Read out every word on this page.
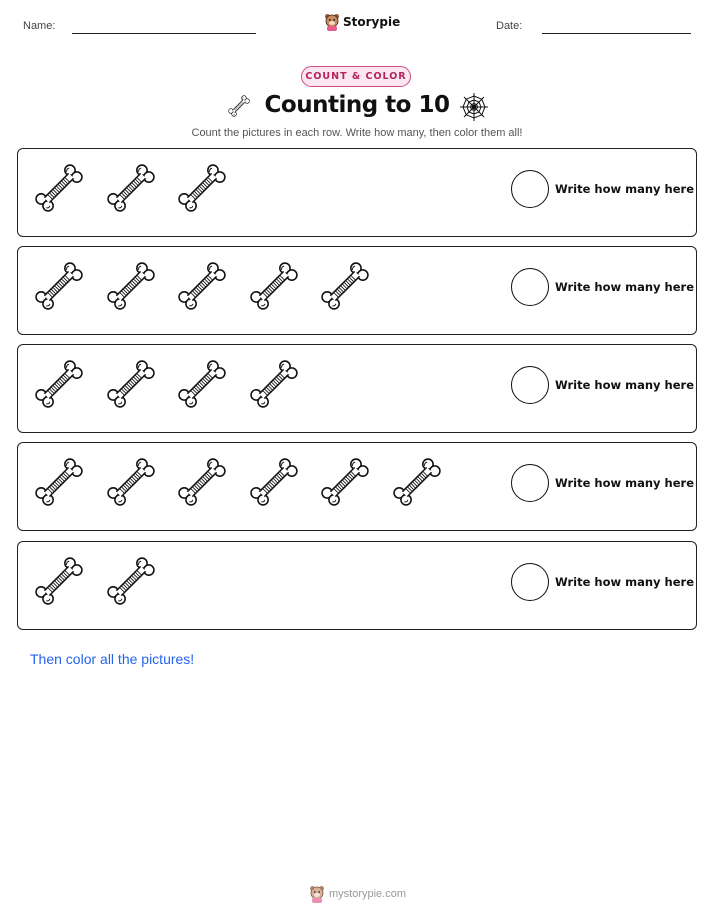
Name:	Storypie	Date:
COUNT & COLOR
Counting to 10
Count the pictures in each row. Write how many, then color them all!
Write how many here
Write how many here
Write how many here
Write how many here
Write how many here
Then color all the pictures!
mystorypie.com
